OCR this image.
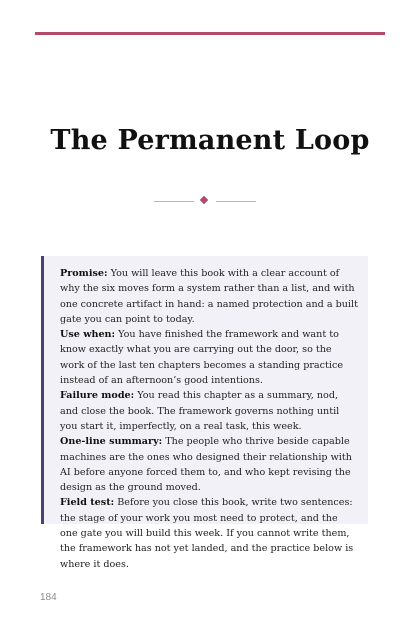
The Permanent Loop

Promise: You will leave this book with a clear account of why the six moves form a system rather than a list, and with one concrete artifact in hand: a named protection and a built gate you can point to today.

Use when: You have finished the framework and want to know exactly what you are carrying out the door, so the work of the last ten chapters becomes a standing practice instead of an afternoon’s good intentions.

Failure mode: You read this chapter as a summary, nod, and close the book. The framework governs nothing until you start it, imperfectly, on a real task, this week.

One-line summary: The people who thrive beside capable machines are the ones who designed their relationship with AI before anyone forced them to, and who kept revising the design as the ground moved.

Field test: Before you close this book, write two sentences: the stage of your work you most need to protect, and the one gate you will build this week. If you cannot write them, the framework has not yet landed, and the practice below is where it does.

184
